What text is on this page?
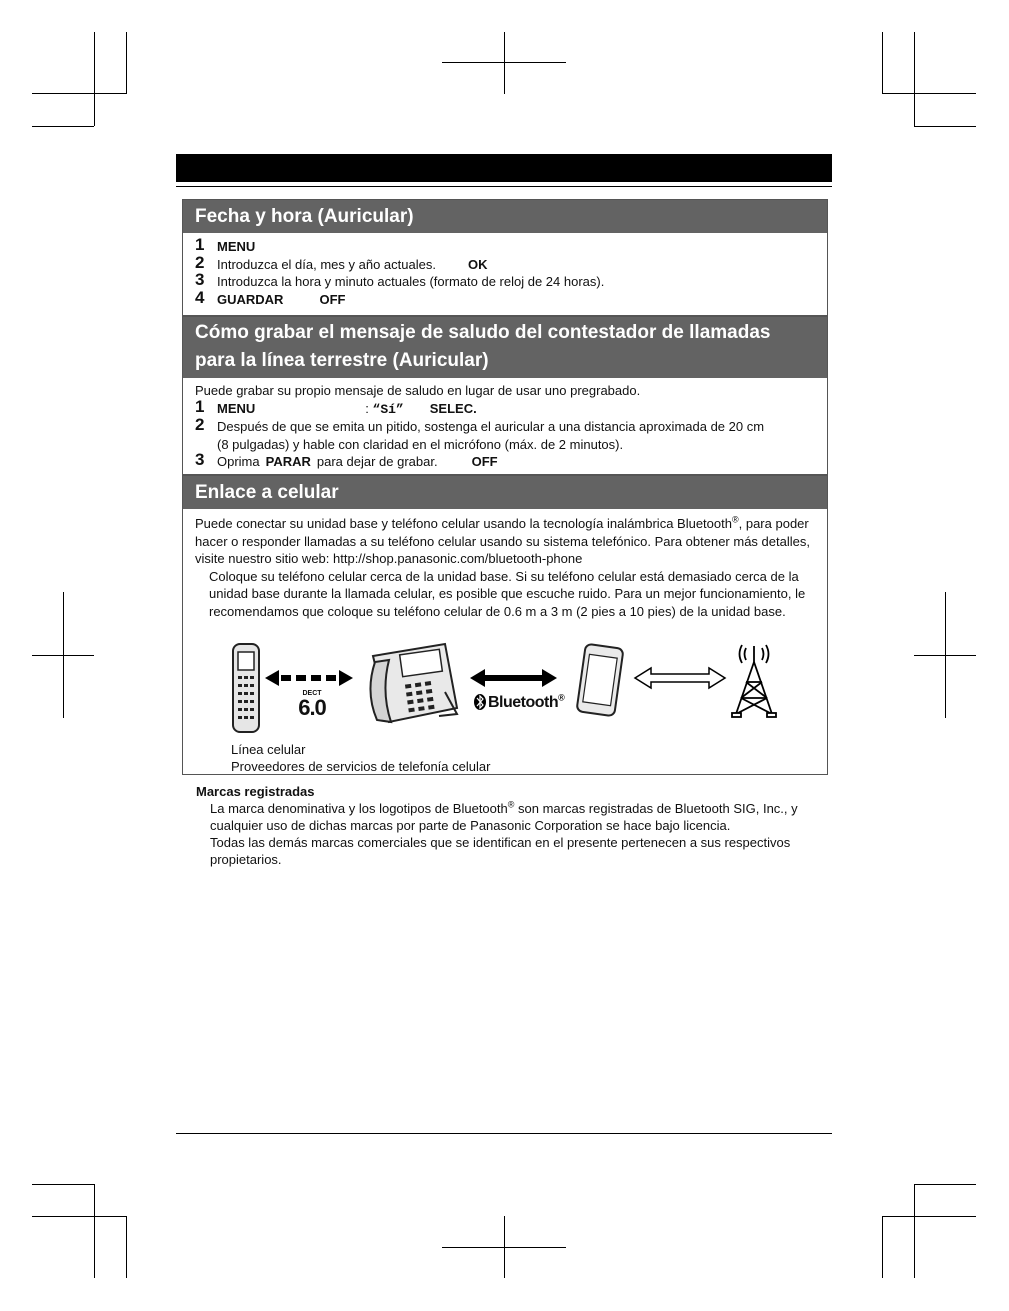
Fecha y hora (Auricular)
1 MENU
2 Introduzca el día, mes y año actuales. OK
3 Introduzca la hora y minuto actuales (formato de reloj de 24 horas).
4 GUARDAR	OFF
Cómo grabar el mensaje de saludo del contestador de llamadas para la línea terrestre (Auricular)
Puede grabar su propio mensaje de saludo en lugar de usar uno pregrabado.
1 MENU	: “Sí” SELEC.
2 Después de que se emita un pitido, sostenga el auricular a una distancia aproximada de 20 cm
(8 pulgadas) y hable con claridad en el micrófono (máx. de 2 minutos).
3 Oprima PARAR para dejar de grabar.	OFF
Enlace a celular
Puede conectar su unidad base y teléfono celular usando la tecnología inalámbrica Bluetooth®, para poder hacer o responder llamadas a su teléfono celular usando su sistema telefónico. Para obtener más detalles, visite nuestro sitio web: http://shop.panasonic.com/bluetooth-phone
Coloque su teléfono celular cerca de la unidad base. Si su teléfono celular está demasiado cerca de la unidad base durante la llamada celular, es posible que escuche ruido. Para un mejor funcionamiento, le recomendamos que coloque su teléfono celular de 0.6 m a 3 m (2 pies a 10 pies) de la unidad base.
DECT
6.0	Bluetooth®
Línea celular
Proveedores de servicios de telefonía celular
Marcas registradas
La marca denominativa y los logotipos de Bluetooth® son marcas registradas de Bluetooth SIG, Inc., y cualquier uso de dichas marcas por parte de Panasonic Corporation se hace bajo licencia.
Todas las demás marcas comerciales que se identifican en el presente pertenecen a sus respectivos propietarios.
